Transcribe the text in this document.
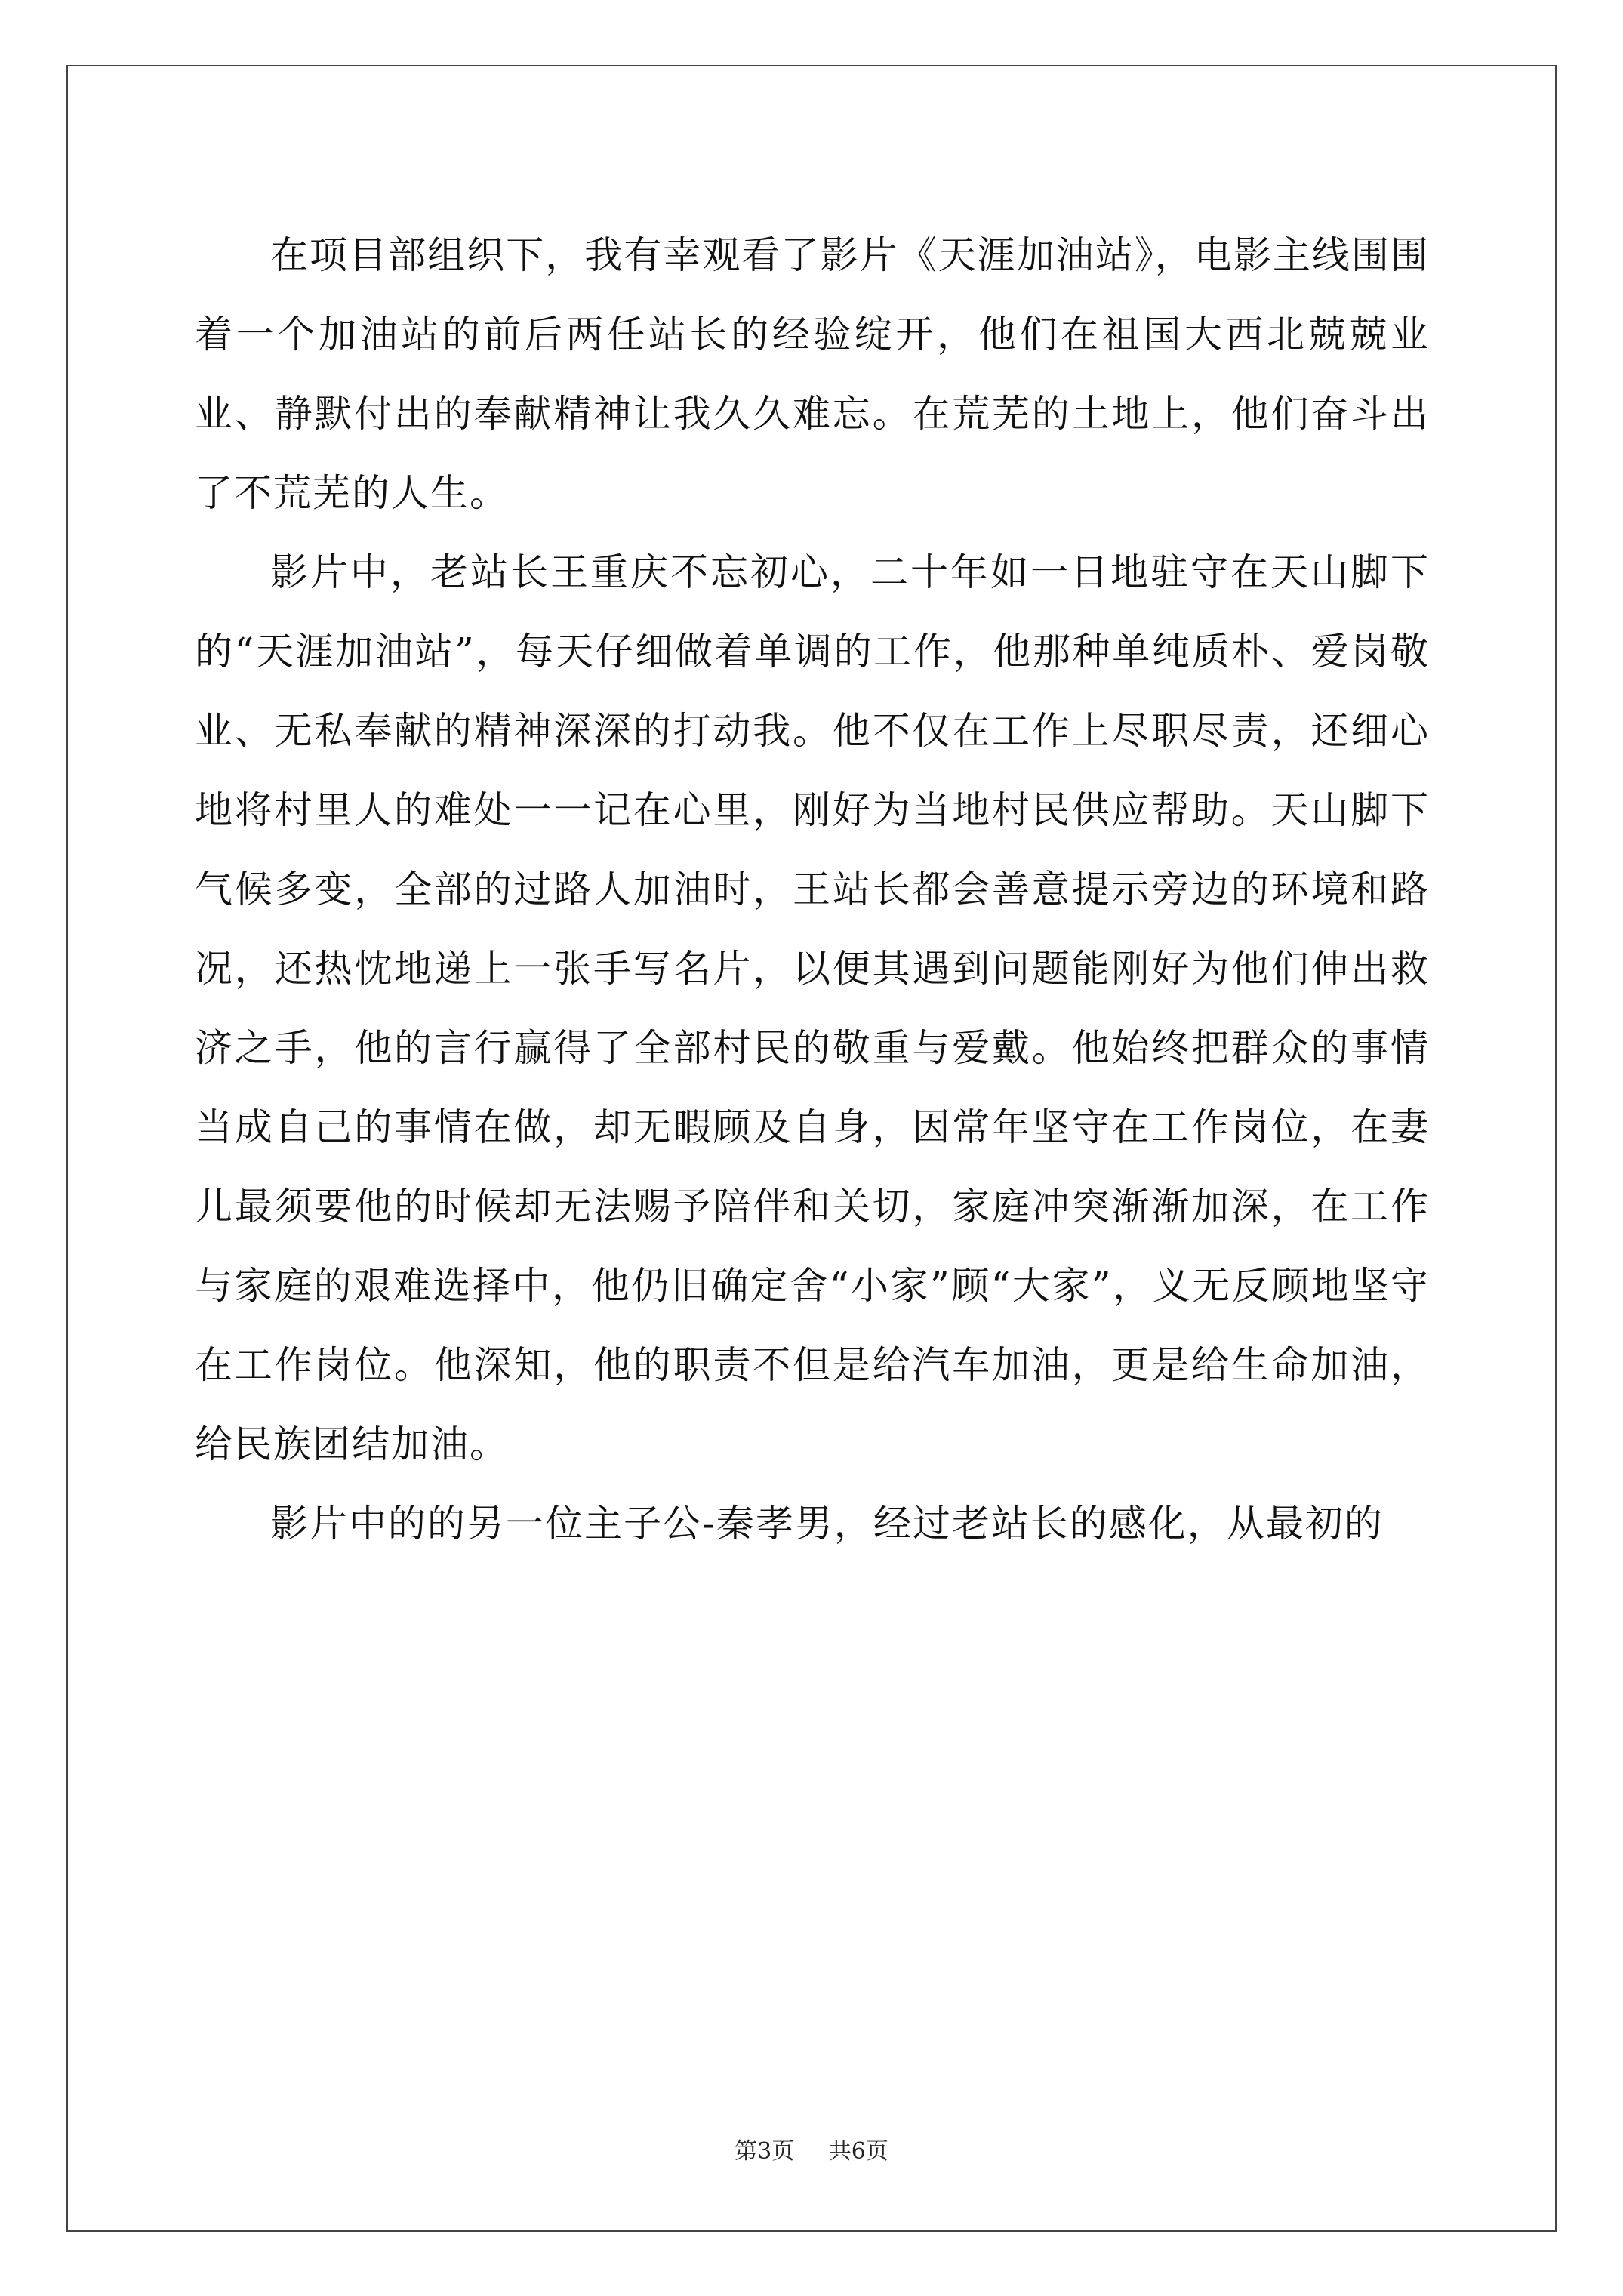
在项目部组织下，我有幸观看了影片《天涯加油站》，电影主线围围着一个加油站的前后两任站长的经验绽开，他们在祖国大西北兢兢业业、静默付出的奉献精神让我久久难忘。在荒芜的土地上，他们奋斗出了不荒芜的人生。

影片中，老站长王重庆不忘初心，二十年如一日地驻守在天山脚下的“天涯加油站”，每天仔细做着单调的工作，他那种单纯质朴、爱岗敬业、无私奉献的精神深深的打动我。他不仅在工作上尽职尽责，还细心地将村里人的难处一一记在心里，刚好为当地村民供应帮助。天山脚下气候多变，全部的过路人加油时，王站长都会善意提示旁边的环境和路况，还热忱地递上一张手写名片，以便其遇到问题能刚好为他们伸出救济之手，他的言行赢得了全部村民的敬重与爱戴。他始终把群众的事情当成自己的事情在做，却无暇顾及自身，因常年坚守在工作岗位，在妻儿最须要他的时候却无法赐予陪伴和关切，家庭冲突渐渐加深，在工作与家庭的艰难选择中，他仍旧确定舍“小家”顾“大家”，义无反顾地坚守在工作岗位。他深知，他的职责不但是给汽车加油，更是给生命加油，给民族团结加油。

影片中的的另一位主子公-秦孝男，经过老站长的感化，从最初的

第3页 共6页
